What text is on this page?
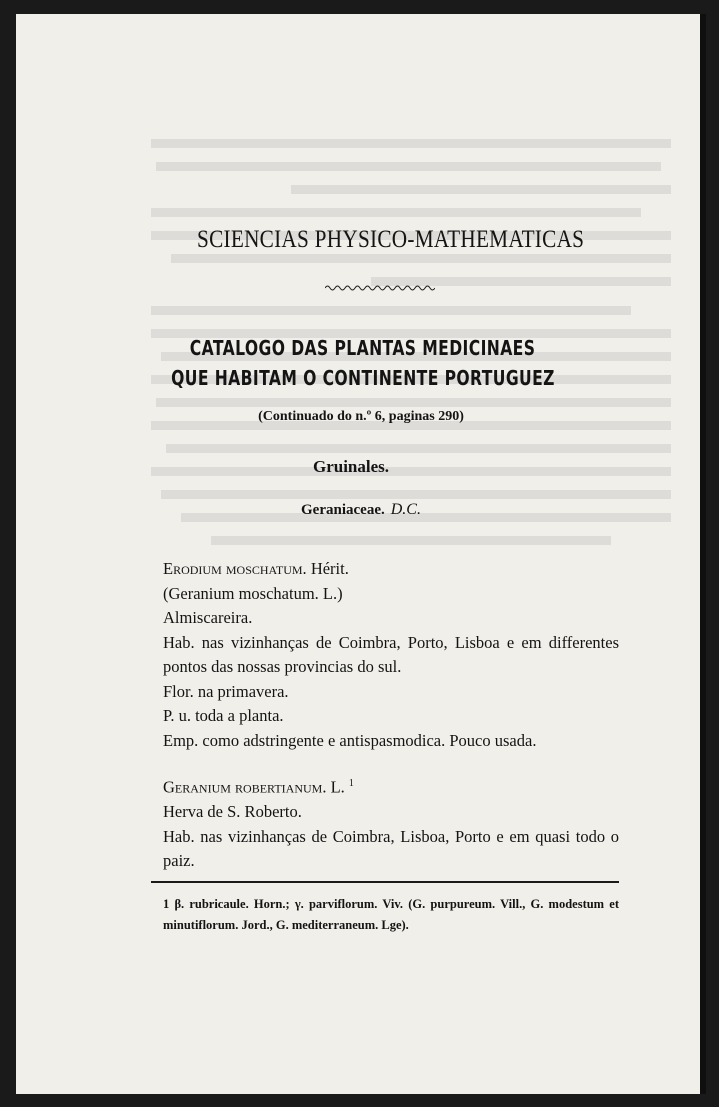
SCIENCIAS PHYSICO-MATHEMATICAS
CATALOGO DAS PLANTAS MEDICINAES
QUE HABITAM O CONTINENTE PORTUGUEZ
(Continuado do n.º 6, paginas 290)
Gruinales.
Geraniaceae. D.C.

Erodium moschatum. Hérit.

(Geranium moschatum. L.)

Almiscareira.

Hab. nas vizinhanças de Coimbra, Porto, Lisboa e em differentes pontos das nossas provincias do sul.

Flor. na primavera.

P. u. toda a planta.

Emp. como adstringente e antispasmodica. Pouco usada.

Geranium robertianum. L. $^1$

Herva de S. Roberto.

Hab. nas vizinhanças de Coimbra, Lisboa, Porto e em quasi todo o paiz.

1 β. rubricaule. Horn.; γ. parviflorum. Viv. (G. purpureum. Vill., G. modestum et minutiflorum. Jord., G. mediterraneum. Lge).
